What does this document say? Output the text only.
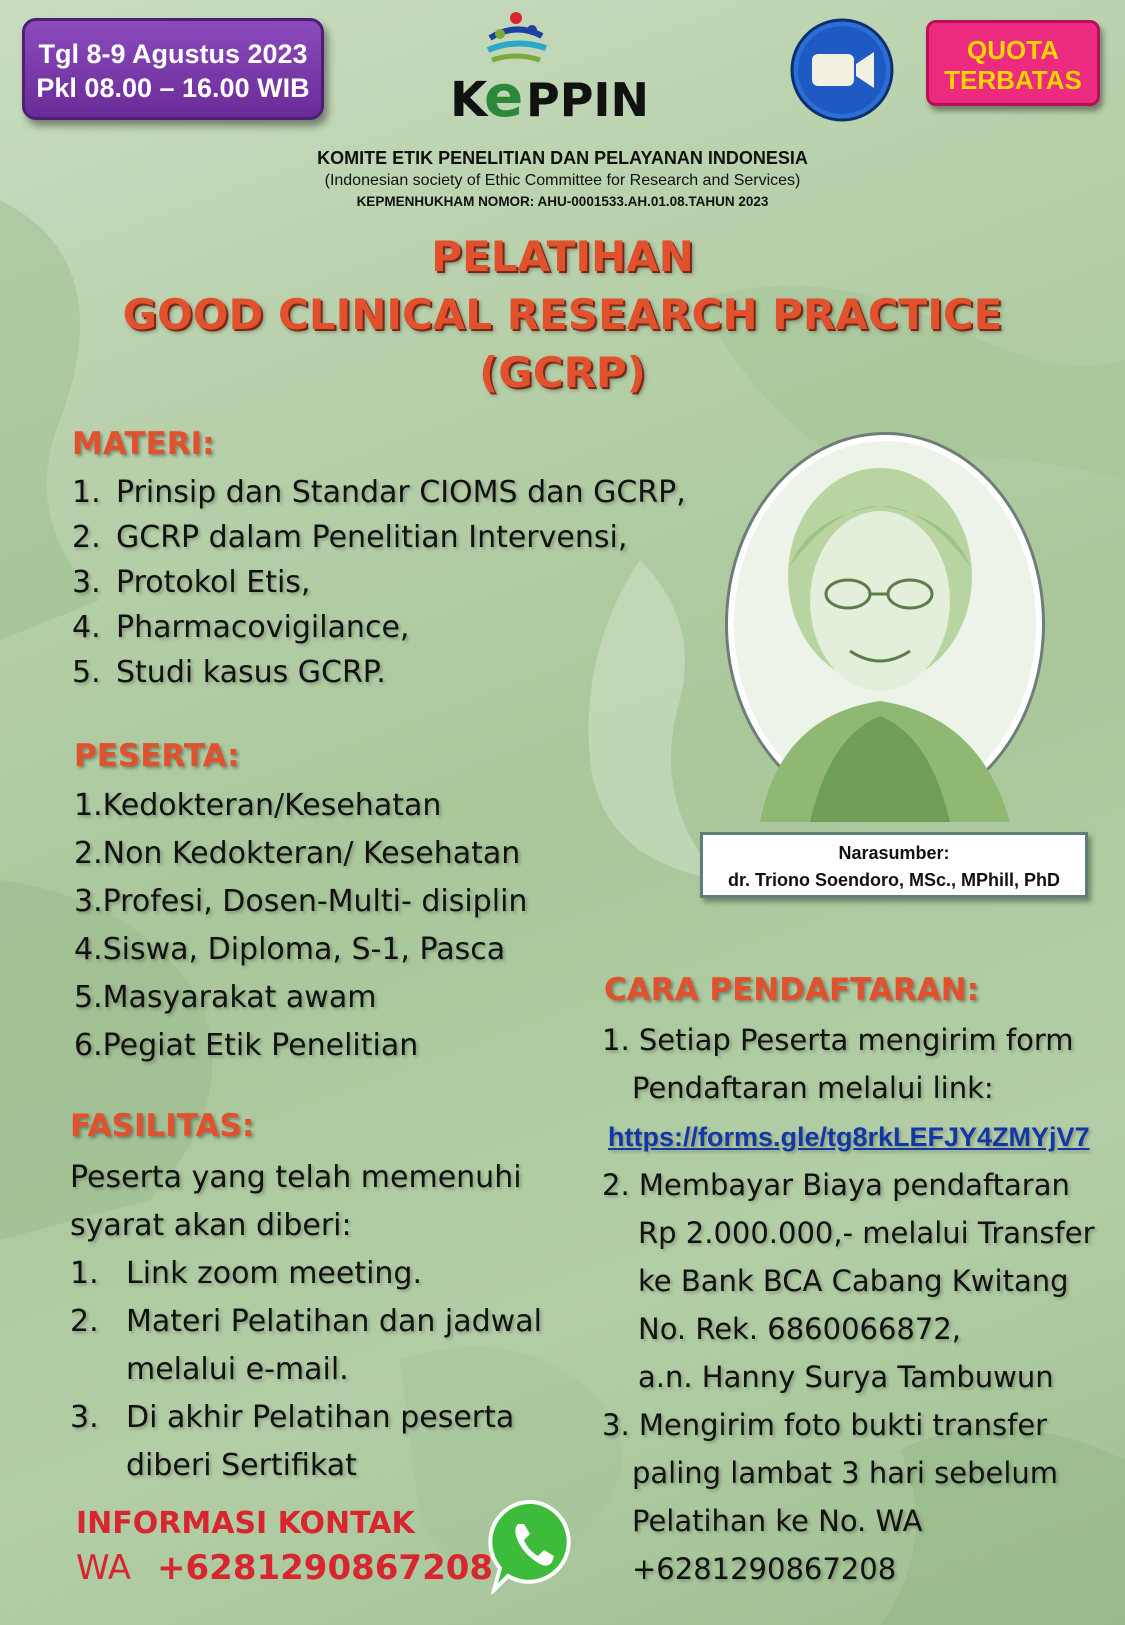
Tgl 8-9 Agustus 2023
Pkl 08.00 – 16.00 WIB	K
e PPIN
QUOTA
TERBATAS
KOMITE ETIK PENELITIAN DAN PELAYANAN INDONESIA
(Indonesian society of Ethic Committee for Research and Services)
KEPMENHUKHAM NOMOR: AHU-0001533.AH.01.08.TAHUN 2023
PELATIHAN
GOOD CLINICAL RESEARCH PRACTICE
(GCRP)
MATERI:
1. Prinsip dan Standar CIOMS dan GCRP,
2. GCRP dalam Penelitian Intervensi,
3. Protokol Etis,
4. Pharmacovigilance,
5. Studi kasus GCRP.
Narasumber:
dr. Triono Soendoro, MSc., MPhill, PhD
PESERTA:
1.Kedokteran/Kesehatan
2.Non Kedokteran/ Kesehatan
3.Profesi, Dosen-Multi- disiplin
4.Siswa, Diploma, S-1, Pasca
5.Masyarakat awam
6.Pegiat Etik Penelitian
FASILITAS:
Peserta yang telah memenuhi
syarat akan diberi:
1. Link zoom meeting.
2. Materi Pelatihan dan jadwal
melalui e-mail.
3. Di akhir Pelatihan peserta
diberi Sertifikat
CARA PENDAFTARAN:
1. Setiap Peserta mengirim form
Pendaftaran melalui link:
https://forms.gle/tg8rkLEFJY4ZMYjV7
2. Membayar Biaya pendaftaran
Rp 2.000.000,- melalui Transfer
ke Bank BCA Cabang Kwitang
No. Rek. 6860066872,
a.n. Hanny Surya Tambuwun
3. Mengirim foto bukti transfer
paling lambat 3 hari sebelum
Pelatihan ke No. WA
+6281290867208
INFORMASI KONTAK
WA +6281290867208
